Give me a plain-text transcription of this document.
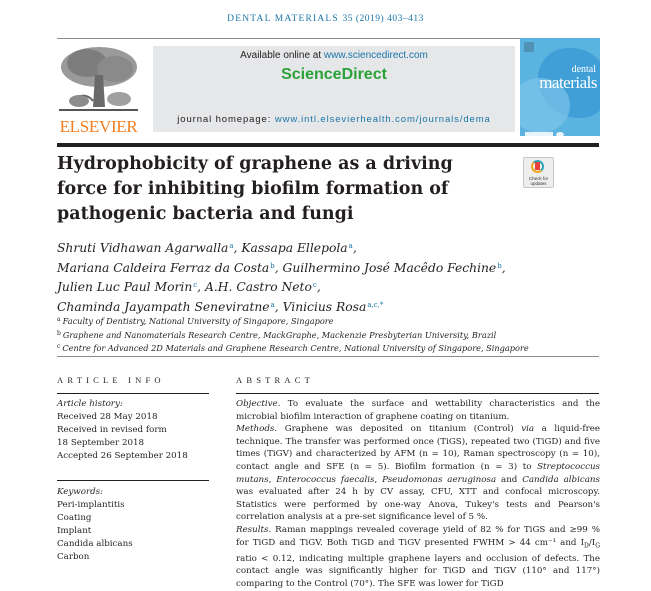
DENTAL MATERIALS 35 (2019) 403–413
ELSEVIER
Available online at www.sciencedirect.com
ScienceDirect
journal homepage: www.intl.elsevierhealth.com/journals/dema
dental
materials
Hydrophobicity of graphene as a driving force for inhibiting biofilm formation of pathogenic bacteria and fungi
Check for
updates
Shruti Vidhawan Agarwalla$^a$, Kassapa Ellepola$^a$,
Mariana Caldeira Ferraz da Costa$^b$, Guilhermino José Macêdo Fechine$^b$,
Julien Luc Paul Morin$^c$, A.H. Castro Neto$^c$,
Chaminda Jayampath Seneviratne$^a$, Vinicius Rosa$^{a,c,*}$
$^a$ Faculty of Dentistry, National University of Singapore, Singapore
$^b$ Graphene and Nanomaterials Research Centre, MackGraphe, Mackenzie Presbyterian University, Brazil
$^c$ Centre for Advanced 2D Materials and Graphene Research Centre, National University of Singapore, Singapore
ARTICLE INFO	ABSTRACT
Article history:
Received 28 May 2018
Received in revised form
18 September 2018
Accepted 26 September 2018
Keywords:
Peri-implantitis
Coating
Implant
Candida albicans
Carbon

Objective. To evaluate the surface and wettability characteristics and the microbial biofilm interaction of graphene coating on titanium.

Methods. Graphene was deposited on titanium (Control) via a liquid-free technique. The transfer was performed once (TiGS), repeated two (TiGD) and five times (TiGV) and characterized by AFM (n = 10), Raman spectroscopy (n = 10), contact angle and SFE (n = 5). Biofilm formation (n = 3) to Streptococcus mutans, Enterococcus faecalis, Pseudomonas aeruginosa and Candida albicans was evaluated after 24 h by CV assay, CFU, XTT and confocal microscopy. Statistics were performed by one-way Anova, Tukey's tests and Pearson's correlation analysis at a pre-set significance level of 5 %.

Results. Raman mappings revealed coverage yield of 82 % for TiGS and ≥99 % for TiGD and TiGV. Both TiGD and TiGV presented FWHM > 44 cm⁻¹ and $I_D/I_G$ ratio < 0.12, indicating multiple graphene layers and occlusion of defects. The contact angle was significantly higher for TiGD and TiGV (110° and 117°) comparing to the Control (70°). The SFE was lower for TiGD
